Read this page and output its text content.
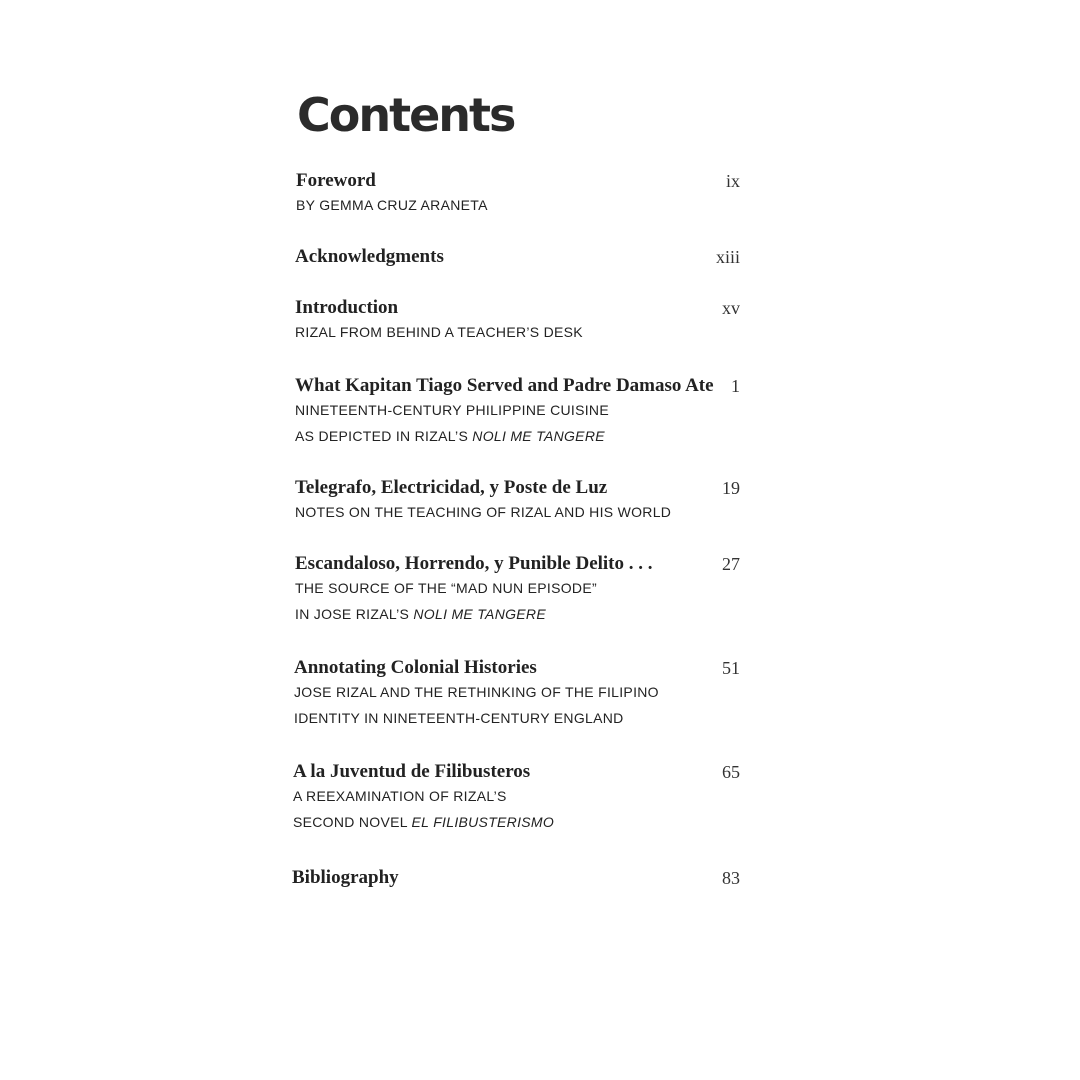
Contents
Foreword	ix
BY GEMMA CRUZ ARANETA
Acknowledgments	xiii
Introduction	xv
RIZAL FROM BEHIND A TEACHER’S DESK
What Kapitan Tiago Served and Padre Damaso Ate 1
NINETEENTH-CENTURY PHILIPPINE CUISINE
AS DEPICTED IN RIZAL’S NOLI ME TANGERE
Telegrafo, Electricidad, y Poste de Luz	19
NOTES ON THE TEACHING OF RIZAL AND HIS WORLD
Escandaloso, Horrendo, y Punible Delito . . .	27
THE SOURCE OF THE “MAD NUN EPISODE”
IN JOSE RIZAL’S NOLI ME TANGERE
Annotating Colonial Histories	51
JOSE RIZAL AND THE RETHINKING OF THE FILIPINO
IDENTITY IN NINETEENTH-CENTURY ENGLAND
A la Juventud de Filibusteros	65
A REEXAMINATION OF RIZAL’S
SECOND NOVEL EL FILIBUSTERISMO
Bibliography	83
